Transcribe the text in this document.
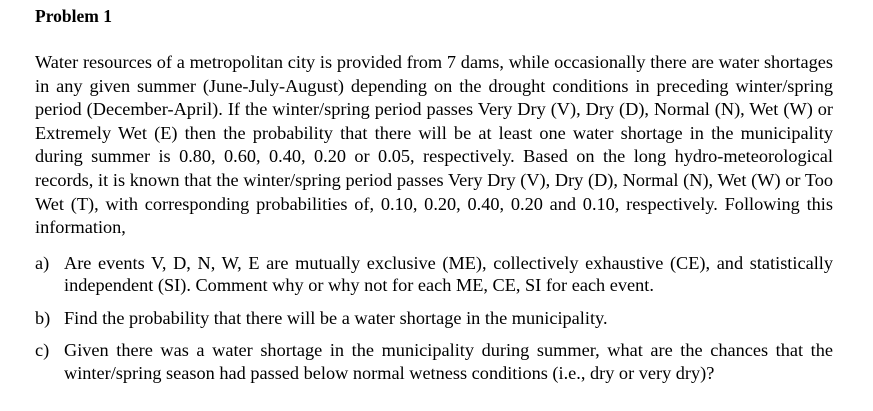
Problem 1

Water resources of a metropolitan city is provided from 7 dams, while occasionally there are water shortages in any given summer (June-July-August) depending on the drought conditions in preceding winter/spring period (December-April). If the winter/spring period passes Very Dry (V), Dry (D), Normal (N), Wet (W) or Extremely Wet (E) then the probability that there will be at least one water shortage in the municipality during summer is 0.80, 0.60, 0.40, 0.20 or 0.05, respectively. Based on the long hydro-meteorological records, it is known that the winter/spring period passes Very Dry (V), Dry (D), Normal (N), Wet (W) or Too Wet (T), with corresponding probabilities of, 0.10, 0.20, 0.40, 0.20 and 0.10, respectively. Following this information,

a) Are events V, D, N, W, E are mutually exclusive (ME), collectively exhaustive (CE), and statistically independent (SI). Comment why or why not for each ME, CE, SI for each event.
b) Find the probability that there will be a water shortage in the municipality.
c) Given there was a water shortage in the municipality during summer, what are the chances that the winter/spring season had passed below normal wetness conditions (i.e., dry or very dry)?
